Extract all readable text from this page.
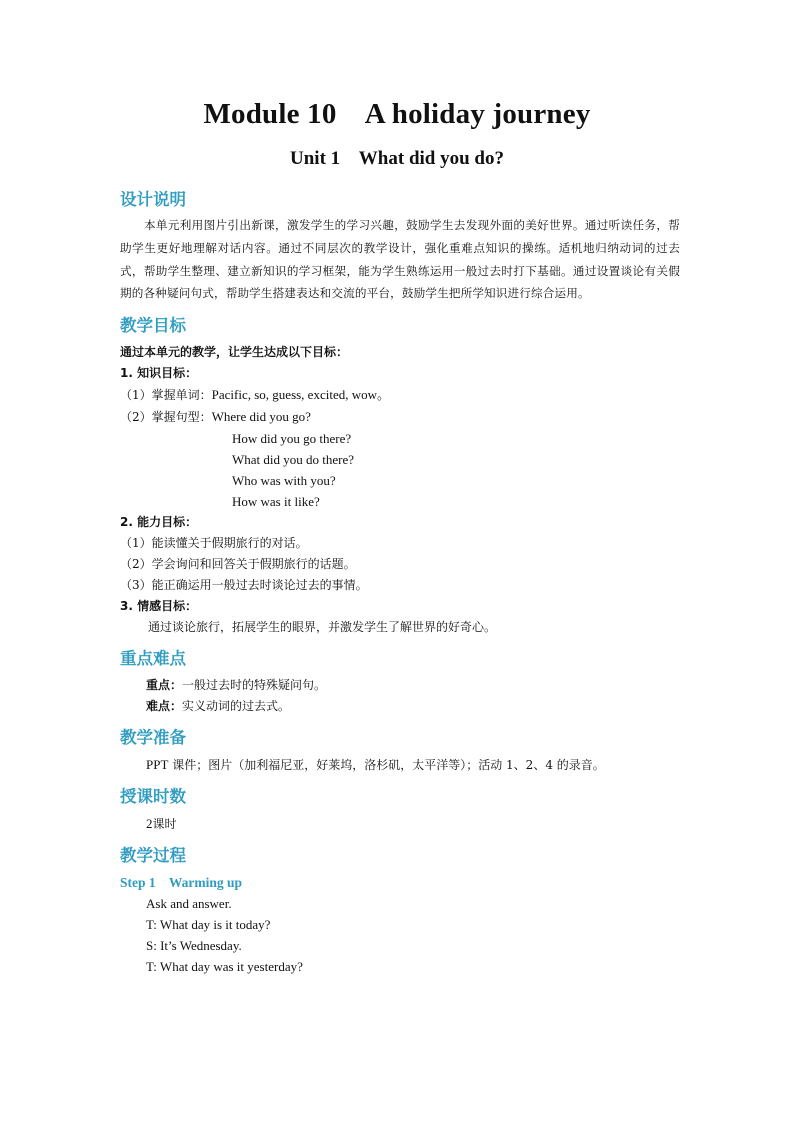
Module 10    A holiday journey
Unit 1    What did you do?
设计说明
本单元利用图片引出新课，激发学生的学习兴趣，鼓励学生去发现外面的美好世界。通过听读任务，帮助学生更好地理解对话内容。通过不同层次的教学设计，强化重难点知识的操练。适机地归纳动词的过去式，帮助学生整理、建立新知识的学习框架，能为学生熟练运用一般过去时打下基础。通过设置谈论有关假期的各种疑问句式，帮助学生搭建表达和交流的平台，鼓励学生把所学知识进行综合运用。
教学目标
通过本单元的教学，让学生达成以下目标：
1. 知识目标：
（1）掌握单词：Pacific, so, guess, excited, wow。
（2）掌握句型：Where did you go?
How did you go there?
What did you do there?
Who was with you?
How was it like?
2. 能力目标：
（1）能读懂关于假期旅行的对话。
（2）学会询问和回答关于假期旅行的话题。
（3）能正确运用一般过去时谈论过去的事情。
3. 情感目标：
通过谈论旅行，拓展学生的眼界，并激发学生了解世界的好奇心。
重点难点
重点：一般过去时的特殊疑问句。
难点：实义动词的过去式。
教学准备
PPT 课件；图片（加利福尼亚，好莱坞，洛杉矶，太平洋等）；活动 1、2、4 的录音。
授课时数
2课时
教学过程
Step 1    Warming up
Ask and answer.
T: What day is it today?
S: It’s Wednesday.
T: What day was it yesterday?
